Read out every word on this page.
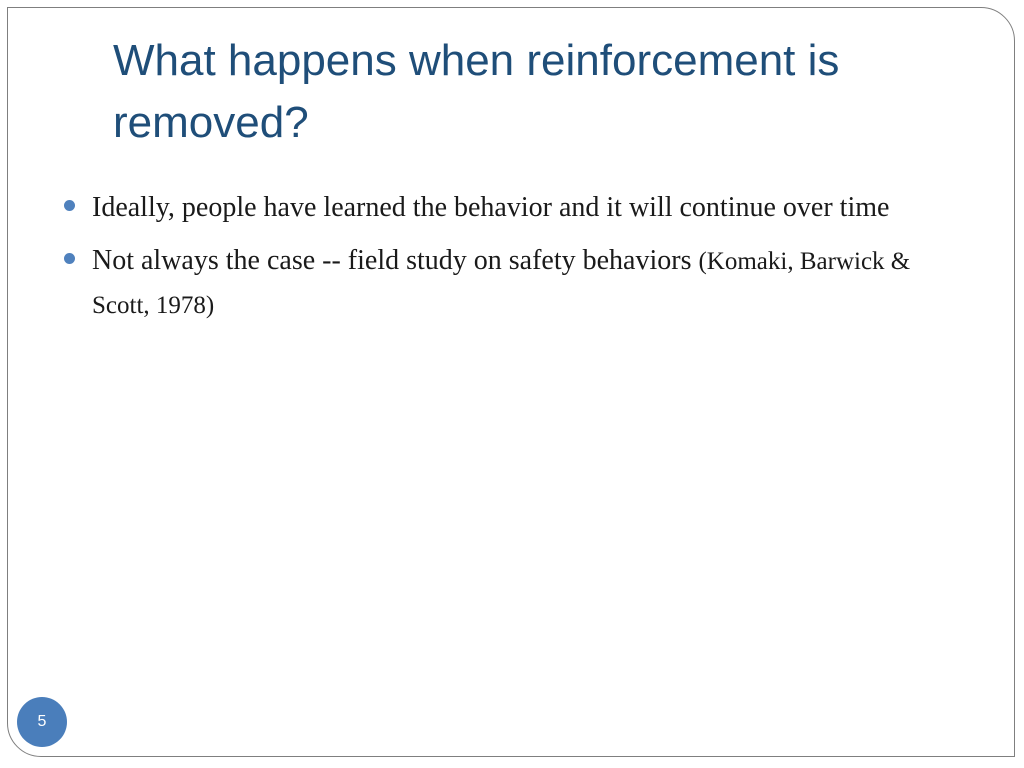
What happens when reinforcement is removed?
Ideally, people have learned the behavior and it will continue over time
Not always the case -- field study on safety behaviors (Komaki, Barwick & Scott, 1978)
5
